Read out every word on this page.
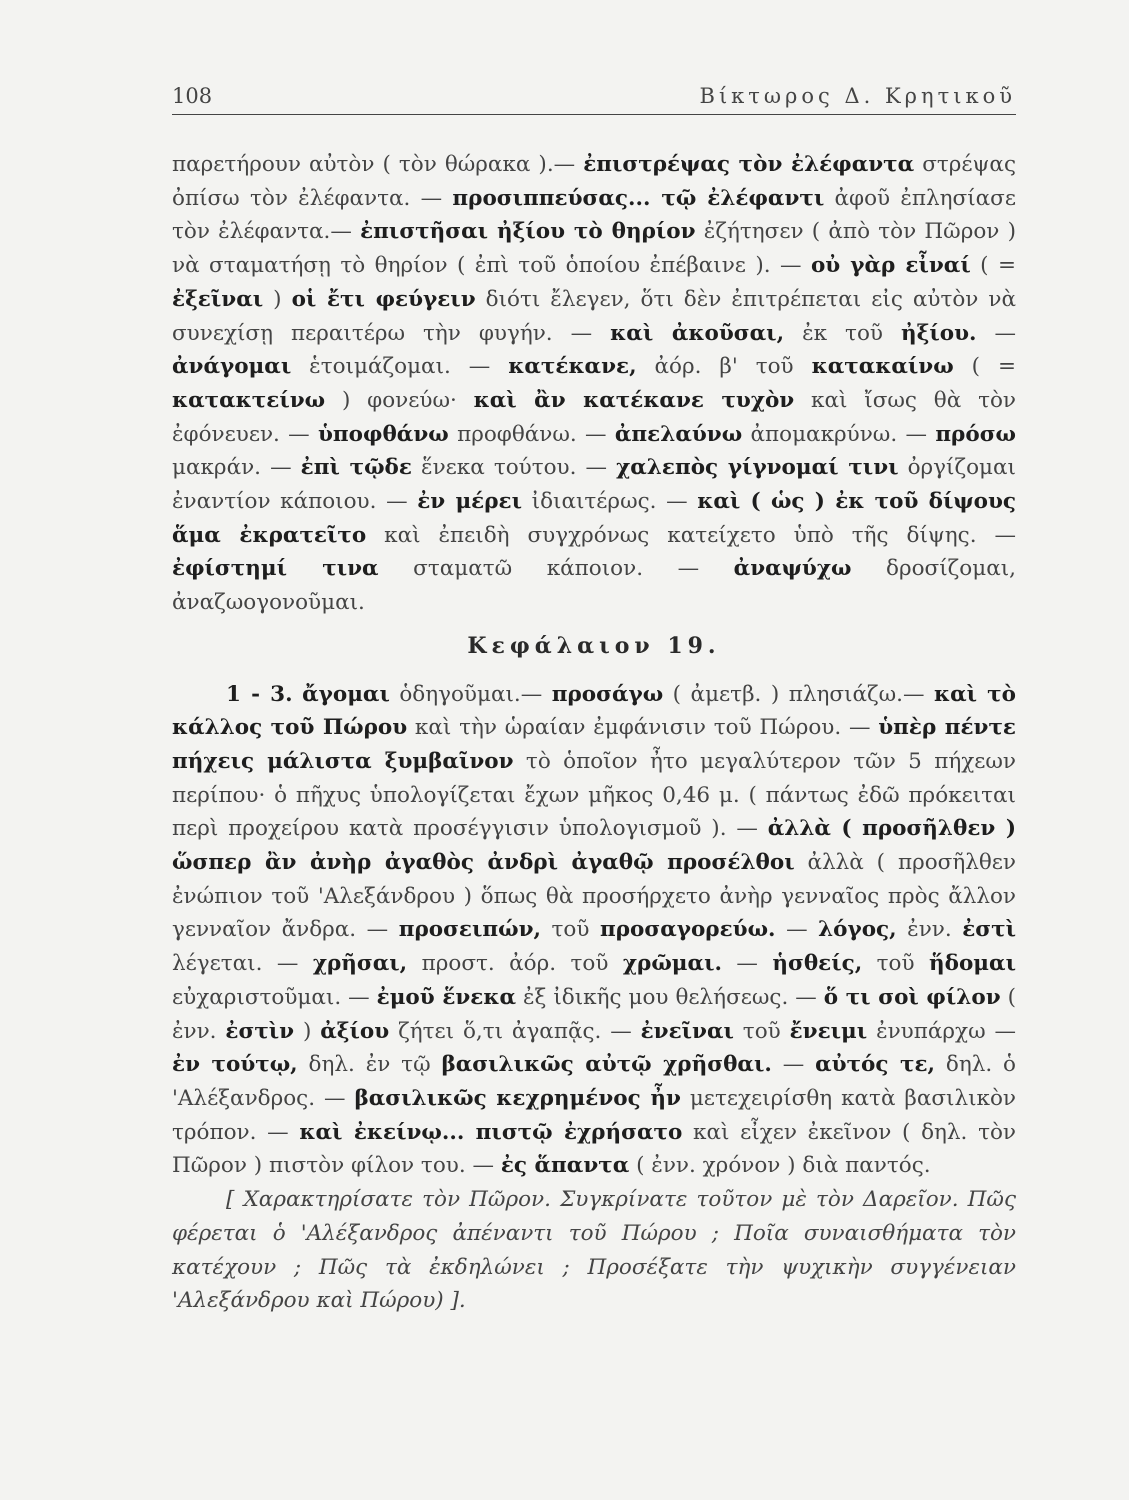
108	Βίκτωρος Δ. Κρητικοῦ

παρετήρουν αὐτὸν ( τὸν θώρακα ).— ἐπιστρέψας τὸν ἐλέφαντα στρέψας ὀπίσω τὸν ἐλέφαντα. — προσιππεύσας... τῷ ἐλέφαντι ἀφοῦ ἐπλησίασε τὸν ἐλέφαντα.— ἐπιστῆσαι ἠξίου τὸ θηρίον ἐζήτησεν ( ἀπὸ τὸν Πῶρον ) νὰ σταματήσῃ τὸ θηρίον ( ἐπὶ τοῦ ὁποίου ἐπέβαινε ). — οὐ γὰρ εἶναί ( = ἐξεῖναι ) οἱ ἔτι φεύγειν διότι ἔλεγεν, ὅτι δὲν ἐπιτρέπεται εἰς αὐτὸν νὰ συνεχίσῃ περαιτέρω τὴν φυγήν. — καὶ ἀκοῦσαι, ἐκ τοῦ ἠξίου. — ἀνάγομαι ἑτοιμάζομαι. — κατέκανε, ἀόρ. β' τοῦ κατακαίνω ( = κατακτείνω ) φονεύω· καὶ ἂν κατέκανε τυχὸν καὶ ἴσως θὰ τὸν ἐφόνευεν. — ὑποφθάνω προφθάνω. — ἀπελαύνω ἀπομακρύνω. — πρόσω μακράν. — ἐπὶ τῷδε ἕνεκα τούτου. — χαλεπὸς γίγνομαί τινι ὀργίζομαι ἐναντίον κάποιου. — ἐν μέρει ἰδιαιτέρως. — καὶ ( ὡς ) ἐκ τοῦ δίψους ἅμα ἐκρατεῖτο καὶ ἐπειδὴ συγχρόνως κατείχετο ὑπὸ τῆς δίψης. — ἐφίστημί τινα σταματῶ κάποιον. — ἀναψύχω δροσίζομαι, ἀναζωογονοῦμαι.

Κεφάλαιον 19.

1 - 3. ἄγομαι ὁδηγοῦμαι.— προσάγω ( ἀμετβ. ) πλησιάζω.— καὶ τὸ κάλλος τοῦ Πώρου καὶ τὴν ὡραίαν ἐμφάνισιν τοῦ Πώρου. — ὑπὲρ πέντε πήχεις μάλιστα ξυμβαῖνον τὸ ὁποῖον ἦτο μεγαλύτερον τῶν 5 πήχεων περίπου· ὁ πῆχυς ὑπολογίζεται ἔχων μῆκος 0,46 μ. ( πάντως ἐδῶ πρόκειται περὶ προχείρου κατὰ προσέγγισιν ὑπολογισμοῦ ). — ἀλλὰ ( προσῆλθεν ) ὥσπερ ἂν ἀνὴρ ἀγαθὸς ἀνδρὶ ἀγαθῷ προσέλθοι ἀλλὰ ( προσῆλθεν ἐνώπιον τοῦ 'Αλεξάνδρου ) ὅπως θὰ προσήρχετο ἀνὴρ γενναῖος πρὸς ἄλλον γενναῖον ἄνδρα. — προσειπών, τοῦ προσαγορεύω. — λόγος, ἐνν. ἐστὶ λέγεται. — χρῆσαι, προστ. ἀόρ. τοῦ χρῶμαι. — ἡσθείς, τοῦ ἥδομαι εὐχαριστοῦμαι. — ἐμοῦ ἕνεκα ἐξ ἰδικῆς μου θελήσεως. — ὅ τι σοὶ φίλον ( ἐνν. ἐστὶν ) ἀξίου ζήτει ὅ,τι ἀγαπᾷς. — ἐνεῖναι τοῦ ἔνειμι ἐνυπάρχω — ἐν τούτῳ, δηλ. ἐν τῷ βασιλικῶς αὐτῷ χρῆσθαι. — αὐτός τε, δηλ. ὁ 'Αλέξανδρος. — βασιλικῶς κεχρημένος ἦν μετεχειρίσθη κατὰ βασιλικὸν τρόπον. — καὶ ἐκείνῳ... πιστῷ ἐχρήσατο καὶ εἶχεν ἐκεῖνον ( δηλ. τὸν Πῶρον ) πιστὸν φίλον του. — ἐς ἅπαντα ( ἐνν. χρόνον ) διὰ παντός.

[ Χαρακτηρίσατε τὸν Πῶρον. Συγκρίνατε τοῦτον μὲ τὸν Δαρεῖον. Πῶς φέρεται ὁ 'Αλέξανδρος ἀπέναντι τοῦ Πώρου ; Ποῖα συναισθήματα τὸν κατέχουν ; Πῶς τὰ ἐκδηλώνει ; Προσέξατε τὴν ψυχικὴν συγγένειαν 'Αλεξάνδρου καὶ Πώρου) ].
